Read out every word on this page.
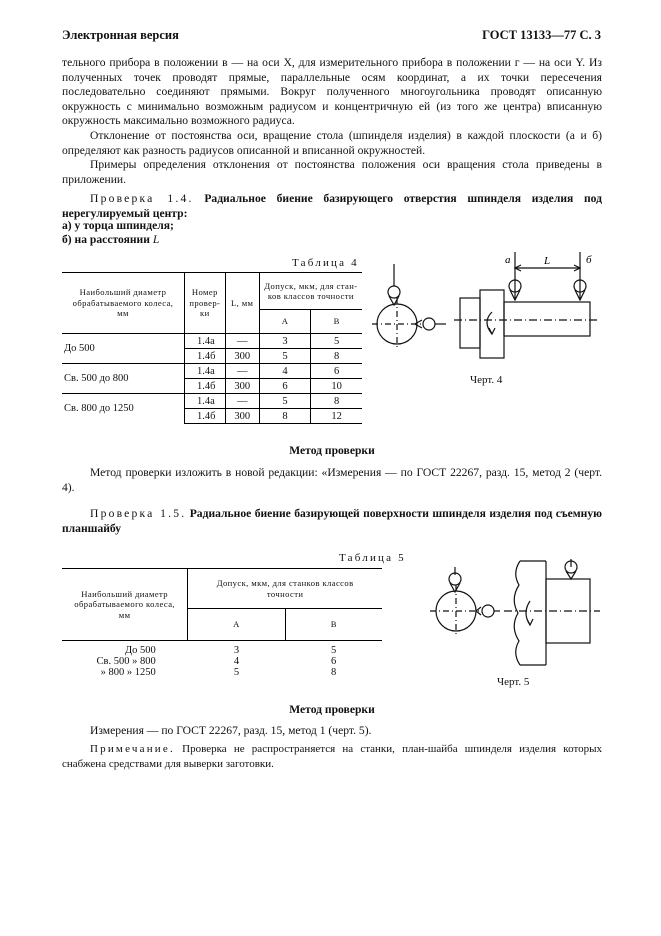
Электронная версия	ГОСТ 13133—77 С. 3

тельного прибора в положении в — на оси X, для измерительного прибора в положении г — на оси Y. Из полученных точек проводят прямые, параллельные осям координат, а их точки пересечения последовательно соединяют прямыми. Вокруг полученного многоугольника проводят описанную окружность с минимально возможным радиусом и концентричную ей (из того же центра) вписанную окружность максимально возможного радиуса.

Отклонение от постоянства оси, вращение стола (шпинделя изделия) в каждой плоскости (а и б) определяют как разность радиусов описанной и вписанной окружностей.

Примеры определения отклонения от постоянства положения оси вращения стола приведены в приложении.

Проверка 1.4. Радиальное биение базирующего отверстия шпинделя изделия под нерегулируемый центр:

а) у торца шпинделя;
б) на расстоянии L
Таблица 4
Наибольший диаметр обрабатываемого колеса, мм	Номер провер- ки	L, мм	Допуск, мкм, для стан- ков классов точности	
			А	В
До 500	1.4а	—	3	5
	1.4б	300	5	8
Св. 500 до 800	1.4а	—	4	6
	1.4б	300	6	10
Св. 800 до 1250	1.4а	—	5	8
	1.4б	300	8	12
а	L	б
Черт. 4
Метод проверки

Метод проверки изложить в новой редакции: «Измерения — по ГОСТ 22267, разд. 15, метод 2 (черт. 4).

Проверка 1.5. Радиальное биение базирующей поверхности шпинделя изделия под съемную планшайбу

Таблица 5
Наибольший диаметр обрабатываемого колеса, мм	Допуск, мкм, для станков классов точности	
	А	В
До 500	3	5
Св. 500 » 800	4	6
» 800 » 1250	5	8
Черт. 5
Метод проверки

Измерения — по ГОСТ 22267, разд. 15, метод 1 (черт. 5).

Примечание. Проверка не распространяется на станки, план-шайба шпинделя изделия которых снабжена средствами для выверки заготовки.
